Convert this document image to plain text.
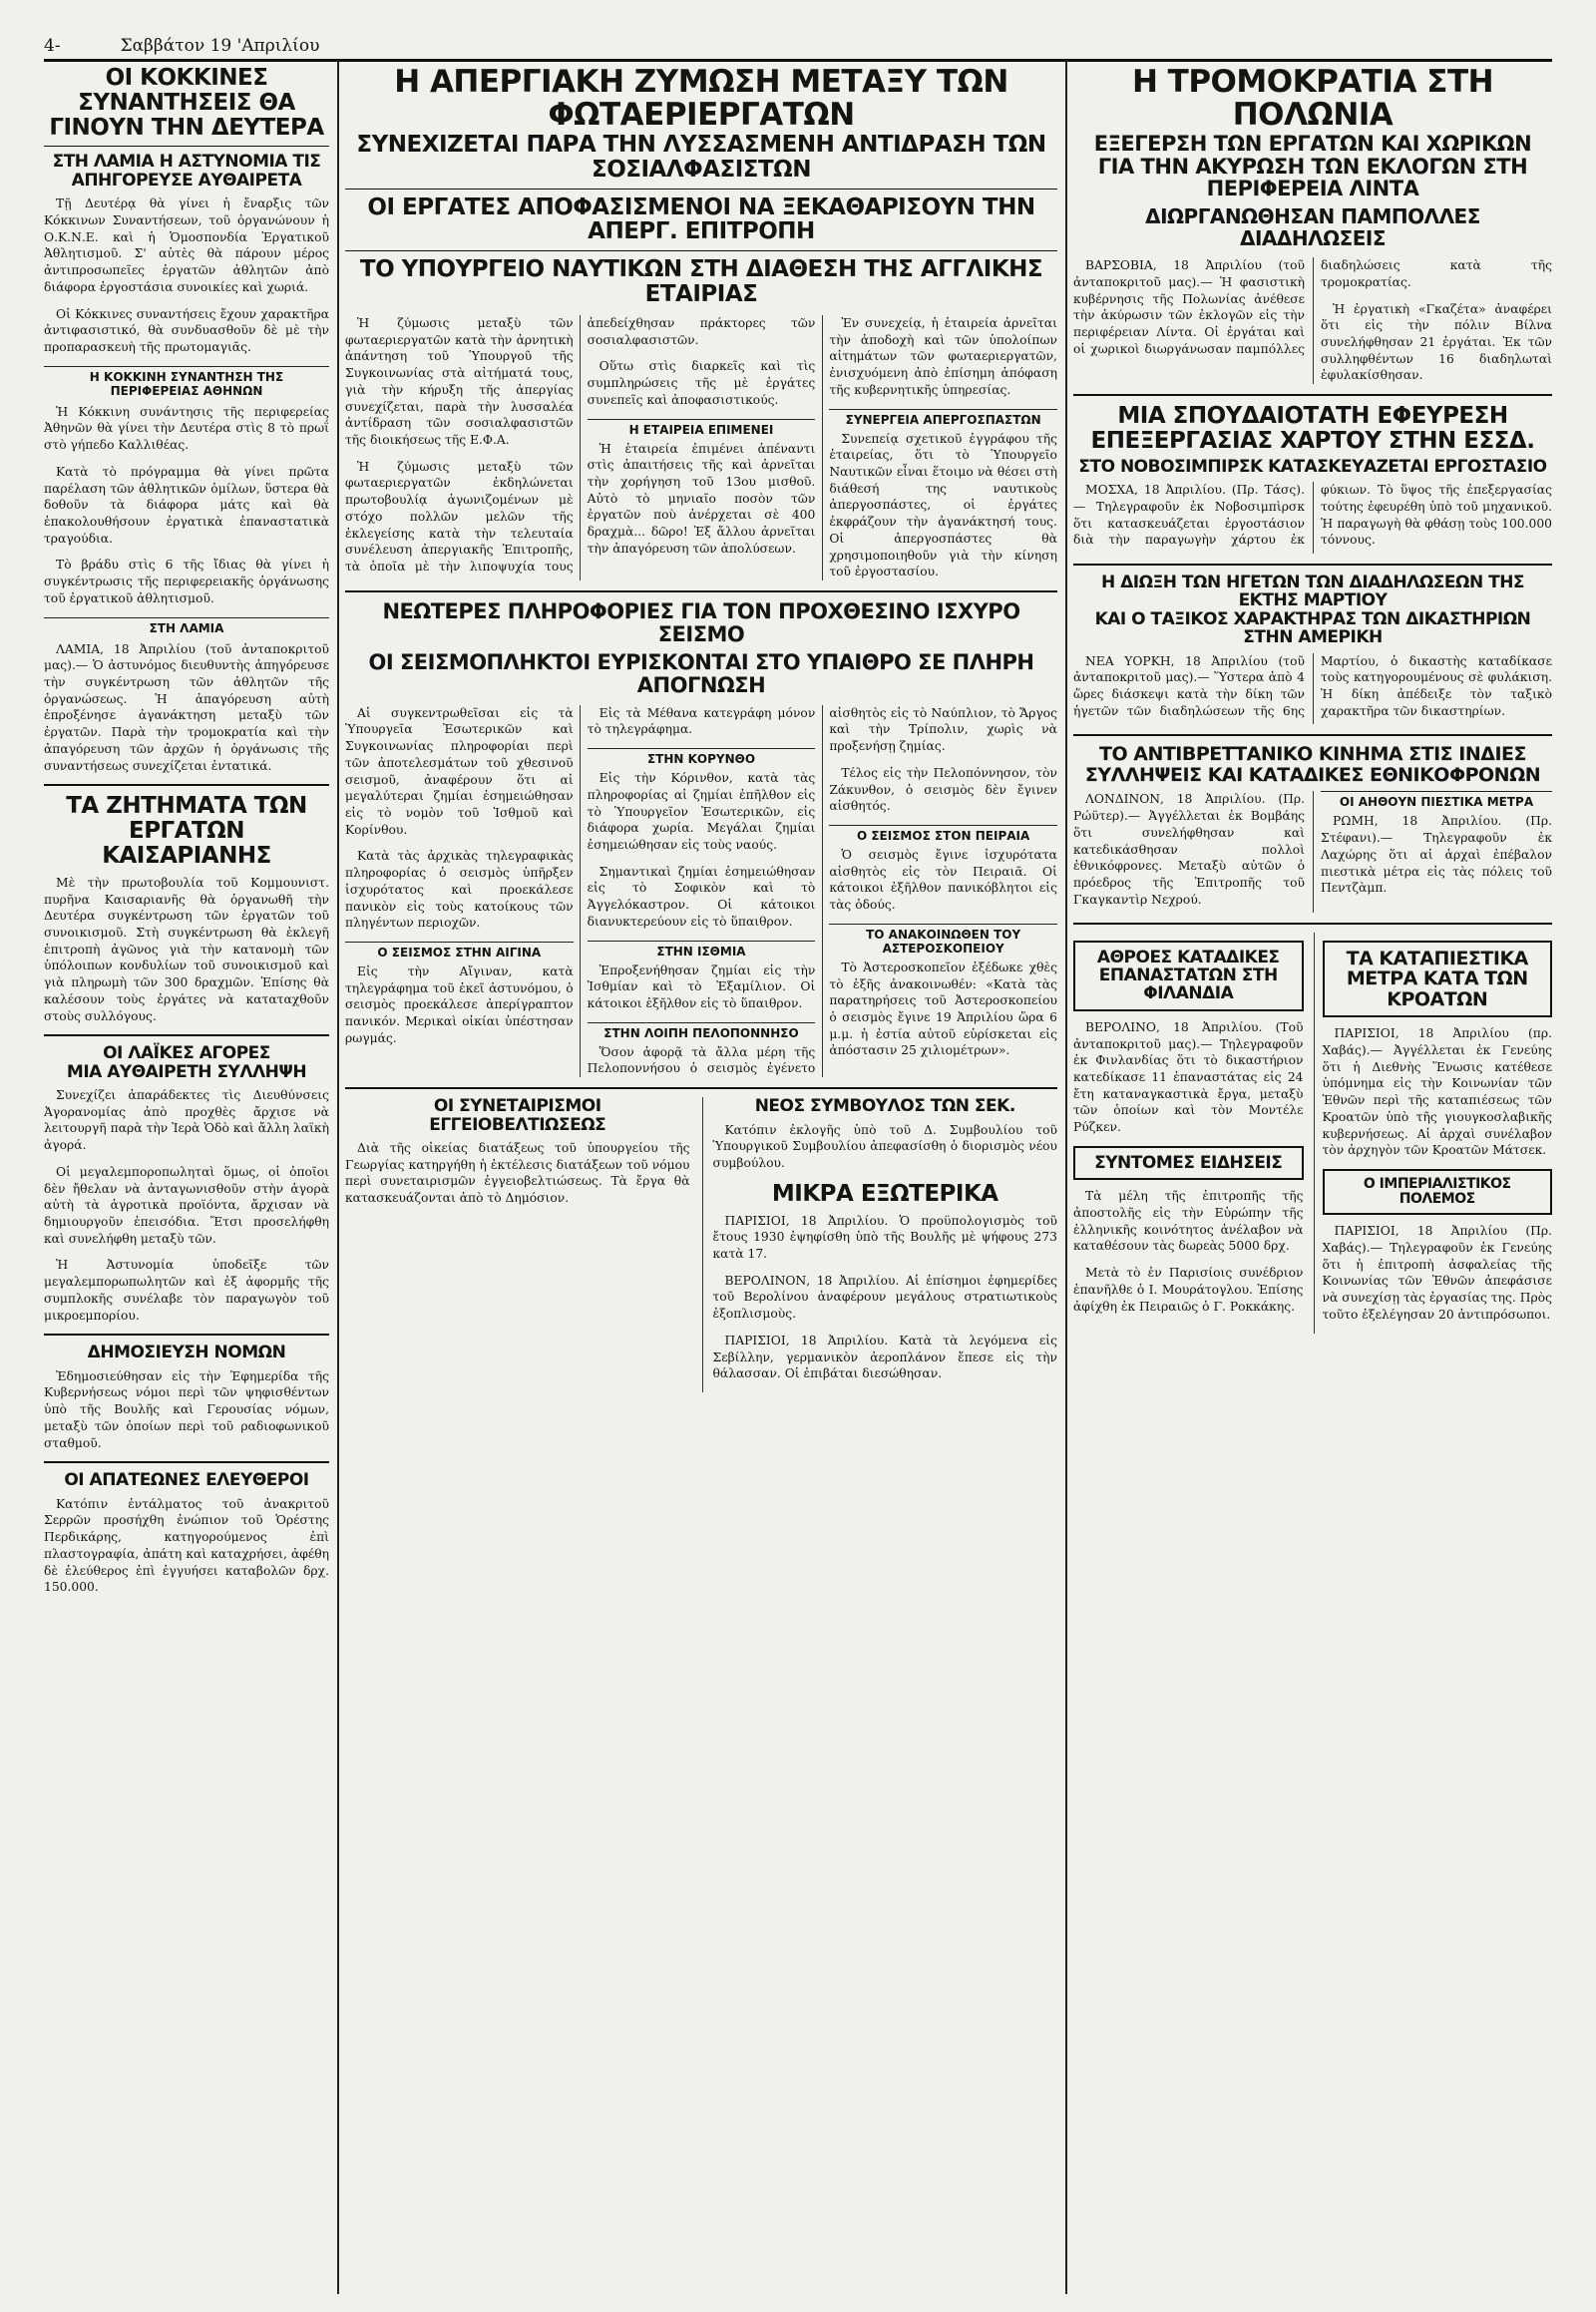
4-	Σαββάτον 19 'Απριλίου
ΟΙ ΚΟΚΚΙΝΕΣ ΣΥΝΑΝΤΗΣΕΙΣ ΘΑ ΓΙΝΟΥΝ ΤΗΝ ΔΕΥΤΕΡΑ
ΣΤΗ ΛΑΜΙΑ Η ΑΣΤΥΝΟΜΙΑ ΤΙΣ ΑΠΗΓΟΡΕΥΣΕ ΑΥΘΑΙΡΕΤΑ

Τῇ Δευτέρᾳ θὰ γίνει ἡ ἔναρξις τῶν Κόκκινων Συναντήσεων, τοῦ ὀργανώνουν ἡ Ο.Κ.Ν.Ε. καὶ ἡ Ὁμοσπονδία Ἐργατικοῦ Ἀθλητισμοῦ. Σ' αὐτὲς θὰ πάρουν μέρος ἀντιπροσωπεῖες ἐργατῶν ἀθλητῶν ἀπὸ διάφορα ἐργοστάσια συνοικίες καὶ χωριά.

Οἱ Κόκκινες συναντήσεις ἔχουν χαρακτῆρα ἀντιφασιστικό, θὰ συνδυασθοῦν δὲ μὲ τὴν προπαρασκευὴ τῆς πρωτομαγιᾶς.

Η ΚΟΚΚΙΝΗ ΣΥΝΑΝΤΗΣΗ ΤΗΣ ΠΕΡΙΦΕΡΕΙΑΣ ΑΘΗΝΩΝ

Ἡ Κόκκινη συνάντησις τῆς περιφερείας Ἀθηνῶν θὰ γίνει τὴν Δευτέρα στὶς 8 τὸ πρωΐ στὸ γήπεδο Καλλιθέας.

Κατὰ τὸ πρόγραμμα θὰ γίνει πρῶτα παρέλαση τῶν ἀθλητικῶν ὁμίλων, ὕστερα θὰ δοθοῦν τὰ διάφορα μάτς καὶ θὰ ἐπακολουθήσουν ἐργατικὰ ἐπαναστατικὰ τραγούδια.

Τὸ βράδυ στὶς 6 τῆς ἴδιας θὰ γίνει ἡ συγκέντρωσις τῆς περιφερειακῆς ὀργάνωσης τοῦ ἐργατικοῦ ἀθλητισμοῦ.

ΣΤΗ ΛΑΜΙΑ

ΛΑΜΙΑ, 18 Ἀπριλίου (τοῦ ἀνταποκριτοῦ μας).— Ὁ ἀστυνόμος διευθυντὴς ἀπηγόρευσε τὴν συγκέντρωση τῶν ἀθλητῶν τῆς ὀργανώσεως. Ἡ ἀπαγόρευση αὐτὴ ἐπροξένησε ἀγανάκτηση μεταξὺ τῶν ἐργατῶν. Παρὰ τὴν τρομοκρατία καὶ τὴν ἀπαγόρευση τῶν ἀρχῶν ἡ ὀργάνωσις τῆς συναντήσεως συνεχίζεται ἐντατικά.

ΤΑ ΖΗΤΗΜΑΤΑ ΤΩΝ ΕΡΓΑΤΩΝ ΚΑΙΣΑΡΙΑΝΗΣ

Μὲ τὴν πρωτοβουλία τοῦ Κομμουνιστ. πυρῆνα Καισαριανῆς θὰ ὀργανωθῆ τὴν Δευτέρα συγκέντρωση τῶν ἐργατῶν τοῦ συνοικισμοῦ. Στὴ συγκέντρωση θὰ ἐκλεγῆ ἐπιτροπὴ ἀγῶνος γιὰ τὴν κατανομὴ τῶν ὑπόλοιπων κονδυλίων τοῦ συνοικισμοῦ καὶ γιὰ πληρωμὴ τῶν 300 δραχμῶν. Ἐπίσης θὰ καλέσουν τοὺς ἐργάτες νὰ καταταχθοῦν στοὺς συλλόγους.

ΟΙ ΛΑΪΚΕΣ ΑΓΟΡΕΣ
ΜΙΑ ΑΥΘΑΙΡΕΤΗ ΣΥΛΛΗΨΗ

Συνεχίζει ἀπαράδεκτες τὶς Διευθύνσεις Ἀγορανομίας ἀπὸ προχθὲς ἄρχισε νὰ λειτουργῆ παρὰ τὴν Ἱερὰ Ὁδὸ καὶ ἄλλη λαϊκὴ ἀγορά.

Οἱ μεγαλεμποροπωληταὶ ὅμως, οἱ ὁποῖοι δὲν ἤθελαν νὰ ἀνταγωνισθοῦν στὴν ἀγορὰ αὐτὴ τὰ ἀγροτικὰ προϊόντα, ἄρχισαν νὰ δημιουργοῦν ἐπεισόδια. Ἔτσι προσελήφθη καὶ συνελήφθη μεταξὺ τῶν.

Ἡ Ἀστυνομία ὑποδεῖξε τῶν μεγαλεμπορωπωλητῶν καὶ ἐξ ἀφορμῆς τῆς συμπλοκῆς συνέλαβε τὸν παραγωγὸν τοῦ μικροεμπορίου.

ΔΗΜΟΣΙΕΥΣΗ ΝΟΜΩΝ

Ἐδημοσιεύθησαν εἰς τὴν Ἐφημερίδα τῆς Κυβερνήσεως νόμοι περὶ τῶν ψηφισθέντων ὑπὸ τῆς Βουλῆς καὶ Γερουσίας νόμων, μεταξὺ τῶν ὁποίων περὶ τοῦ ραδιοφωνικοῦ σταθμοῦ.

ΟΙ ΑΠΑΤΕΩΝΕΣ ΕΛΕΥΘΕΡΟΙ

Κατόπιν ἐντάλματος τοῦ ἀνακριτοῦ Σερρῶν προσήχθη ἐνώπιον τοῦ Ὁρέστης Περδικάρης, κατηγορούμενος ἐπὶ πλαστογραφία, ἀπάτη καὶ καταχρήσει, ἀφέθη δὲ ἐλεύθερος ἐπὶ ἐγγυήσει καταβολῶν δρχ. 150.000.

Η ΑΠΕΡΓΙΑΚΗ ΖΥΜΩΣΗ ΜΕΤΑΞΥ ΤΩΝ ΦΩΤΑΕΡΙΕΡΓΑΤΩΝ
ΣΥΝΕΧΙΖΕΤΑΙ ΠΑΡΑ ΤΗΝ ΛΥΣΣΑΣΜΕΝΗ ΑΝΤΙΔΡΑΣΗ ΤΩΝ ΣΟΣΙΑΛΦΑΣΙΣΤΩΝ
ΟΙ ΕΡΓΑΤΕΣ ΑΠΟΦΑΣΙΣΜΕΝΟΙ ΝΑ ΞΕΚΑΘΑΡΙΣΟΥΝ ΤΗΝ ΑΠΕΡΓ. ΕΠΙΤΡΟΠΗ
ΤΟ ΥΠΟΥΡΓΕΙΟ ΝΑΥΤΙΚΩΝ ΣΤΗ ΔΙΑΘΕΣΗ ΤΗΣ ΑΓΓΛΙΚΗΣ ΕΤΑΙΡΙΑΣ

Ἡ ζύμωσις μεταξὺ τῶν φωταεριεργατῶν κατὰ τὴν ἀρνητικὴ ἀπάντηση τοῦ Ὑπουργοῦ τῆς Συγκοινωνίας στὰ αἰτήματά τους, γιὰ τὴν κήρυξη τῆς ἀπεργίας συνεχίζεται, παρὰ τὴν λυσσαλέα ἀντίδραση τῶν σοσιαλφασιστῶν τῆς διοικήσεως τῆς Ε.Φ.Α.

Ἡ ζύμωσις μεταξὺ τῶν φωταεριεργατῶν ἐκδηλώνεται πρωτοβουλίᾳ ἀγωνιζομένων μὲ στόχο πολλῶν μελῶν τῆς ἐκλεγείσης κατὰ τὴν τελευταία συνέλευση ἀπεργιακῆς Ἐπιτροπῆς, τὰ ὁποῖα μὲ τὴν λιποψυχία τους ἀπεδείχθησαν πράκτορες τῶν σοσιαλφασιστῶν.

Οὕτω στὶς διαρκεῖς καὶ τὶς συμπληρώσεις τῆς μὲ ἐργάτες συνεπεῖς καὶ ἀποφασιστικούς.

Η ΕΤΑΙΡΕΙΑ ΕΠΙΜΕΝΕΙ

Ἡ ἑταιρεία ἐπιμένει ἀπέναντι στὶς ἀπαιτήσεις τῆς καὶ ἀρνεῖται τὴν χορήγηση τοῦ 13ου μισθοῦ. Αὐτὸ τὸ μηνιαῖο ποσὸν τῶν ἐργατῶν ποὺ ἀνέρχεται σὲ 400 δραχμὰ... δῶρο! Ἐξ ἄλλου ἀρνεῖται τὴν ἀπαγόρευση τῶν ἀπολύσεων.

Ἐν συνεχείᾳ, ἡ ἑταιρεία ἀρνεῖται τὴν ἀποδοχὴ καὶ τῶν ὑπολοίπων αἰτημάτων τῶν φωταεριεργατῶν, ἐνισχυόμενη ἀπὸ ἐπίσημη ἀπόφαση τῆς κυβερνητικῆς ὑπηρεσίας.

ΣΥΝΕΡΓΕΙΑ ΑΠΕΡΓΟΣΠΑΣΤΩΝ

Συνεπείᾳ σχετικοῦ ἐγγράφου τῆς ἑταιρείας, ὅτι τὸ Ὑπουργεῖο Ναυτικῶν εἶναι ἕτοιμο νὰ θέσει στὴ διάθεσή της ναυτικοὺς ἀπεργοσπάστες, οἱ ἐργάτες ἐκφράζουν τὴν ἀγανάκτησή τους. Οἱ ἀπεργοσπάστες θὰ χρησιμοποιηθοῦν γιὰ τὴν κίνηση τοῦ ἐργοστασίου.

ΝΕΩΤΕΡΕΣ ΠΛΗΡΟΦΟΡΙΕΣ ΓΙΑ ΤΟΝ ΠΡΟΧΘΕΣΙΝΟ ΙΣΧΥΡΟ ΣΕΙΣΜΟ
ΟΙ ΣΕΙΣΜΟΠΛΗΚΤΟΙ ΕΥΡΙΣΚΟΝΤΑΙ ΣΤΟ ΥΠΑΙΘΡΟ ΣΕ ΠΛΗΡΗ ΑΠΟΓΝΩΣΗ

Αἱ συγκεντρωθεῖσαι εἰς τὰ Ὑπουργεῖα Ἐσωτερικῶν καὶ Συγκοινωνίας πληροφορίαι περὶ τῶν ἀποτελεσμάτων τοῦ χθεσινοῦ σεισμοῦ, ἀναφέρουν ὅτι αἱ μεγαλύτεραι ζημίαι ἐσημειώθησαν εἰς τὸ νομὸν τοῦ Ἰσθμοῦ καὶ Κορίνθου.

Κατὰ τὰς ἀρχικὰς τηλεγραφικὰς πληροφορίας ὁ σεισμὸς ὑπῆρξεν ἰσχυρότατος καὶ προεκάλεσε πανικὸν εἰς τοὺς κατοίκους τῶν πληγέντων περιοχῶν.

Ο ΣΕΙΣΜΟΣ ΣΤΗΝ ΑΙΓΙΝΑ

Εἰς τὴν Αἴγιναν, κατὰ τηλεγράφημα τοῦ ἐκεῖ ἀστυνόμου, ὁ σεισμὸς προεκάλεσε ἀπερίγραπτον πανικόν. Μερικαὶ οἰκίαι ὑπέστησαν ρωγμάς.

Εἰς τὰ Μέθανα κατεγράφη μόνον τὸ τηλεγράφημα.

ΣΤΗΝ ΚΟΡΥΝΘΟ

Εἰς τὴν Κόρινθον, κατὰ τὰς πληροφορίας αἱ ζημίαι ἐπῆλθον εἰς τὸ Ὑπουργεῖον Ἐσωτερικῶν, εἰς διάφορα χωρία. Μεγάλαι ζημίαι ἐσημειώθησαν εἰς τοὺς ναούς.

Σημαντικαὶ ζημίαι ἐσημειώθησαν εἰς τὸ Σοφικὸν καὶ τὸ Ἀγγελόκαστρον. Οἱ κάτοικοι διανυκτερεύουν εἰς τὸ ὕπαιθρον.

ΣΤΗΝ ΙΣΘΜΙΑ

Ἐπροξενήθησαν ζημίαι εἰς τὴν Ἰσθμίαν καὶ τὸ Ἐξαμίλιον. Οἱ κάτοικοι ἐξῆλθον εἰς τὸ ὕπαιθρον.

ΣΤΗΝ ΛΟΙΠΗ ΠΕΛΟΠΟΝΝΗΣΟ

Ὅσον ἀφορᾷ τὰ ἄλλα μέρη τῆς Πελοποννήσου ὁ σεισμὸς ἐγένετο αἰσθητὸς εἰς τὸ Ναύπλιον, τὸ Ἄργος καὶ τὴν Τρίπολιν, χωρὶς νὰ προξενήσῃ ζημίας.

Τέλος εἰς τὴν Πελοπόννησον, τὸν Ζάκυνθον, ὁ σεισμὸς δὲν ἔγινεν αἰσθητός.

Ο ΣΕΙΣΜΟΣ ΣΤΟΝ ΠΕΙΡΑΙΑ

Ὁ σεισμὸς ἔγινε ἰσχυρότατα αἰσθητὸς εἰς τὸν Πειραιᾶ. Οἱ κάτοικοι ἐξῆλθον πανικόβλητοι εἰς τὰς ὁδούς.

ΤΟ ΑΝΑΚΟΙΝΩΘΕΝ ΤΟΥ ΑΣΤΕΡΟΣΚΟΠΕΙΟΥ

Τὸ Ἀστεροσκοπεῖον ἐξέδωκε χθὲς τὸ ἑξῆς ἀνακοινωθέν: «Κατὰ τὰς παρατηρήσεις τοῦ Ἀστεροσκοπείου ὁ σεισμὸς ἔγινε 19 Ἀπριλίου ὥρα 6 μ.μ. ἡ ἐστία αὐτοῦ εὑρίσκεται εἰς ἀπόστασιν 25 χιλιομέτρων».

ΟΙ ΣΥΝΕΤΑΙΡΙΣΜΟΙ ΕΓΓΕΙΟΒΕΛΤΙΩΣΕΩΣ

Διὰ τῆς οἰκείας διατάξεως τοῦ ὑπουργείου τῆς Γεωργίας κατηργήθη ἡ ἐκτέλεσις διατάξεων τοῦ νόμου περὶ συνεταιρισμῶν ἐγγειοβελτιώσεως. Τὰ ἔργα θὰ κατασκευάζονται ἀπὸ τὸ Δημόσιον.

ΝΕΟΣ ΣΥΜΒΟΥΛΟΣ ΤΩΝ ΣΕΚ.

Κατόπιν ἐκλογῆς ὑπὸ τοῦ Δ. Συμβουλίου τοῦ Ὑπουργικοῦ Συμβουλίου ἀπεφασίσθη ὁ διορισμὸς νέου συμβούλου.

ΜΙΚΡΑ ΕΞΩΤΕΡΙΚΑ

ΠΑΡΙΣΙΟΙ, 18 Ἀπριλίου. Ὁ προϋπολογισμὸς τοῦ ἔτους 1930 ἐψηφίσθη ὑπὸ τῆς Βουλῆς μὲ ψήφους 273 κατὰ 17.

ΒΕΡΟΛΙΝΟΝ, 18 Ἀπριλίου. Αἱ ἐπίσημοι ἐφημερίδες τοῦ Βερολίνου ἀναφέρουν μεγάλους στρατιωτικοὺς ἐξοπλισμοὺς.

ΠΑΡΙΣΙΟΙ, 18 Ἀπριλίου. Κατὰ τὰ λεγόμενα εἰς Σεβίλλην, γερμανικὸν ἀεροπλάνον ἔπεσε εἰς τὴν θάλασσαν. Οἱ ἐπιβάται διεσώθησαν.

Η ΤΡΟΜΟΚΡΑΤΙΑ ΣΤΗ ΠΟΛΩΝΙΑ
ΕΞΕΓΕΡΣΗ ΤΩΝ ΕΡΓΑΤΩΝ ΚΑΙ ΧΩΡΙΚΩΝ ΓΙΑ ΤΗΝ ΑΚΥΡΩΣΗ ΤΩΝ ΕΚΛΟΓΩΝ ΣΤΗ ΠΕΡΙΦΕΡΕΙΑ ΛΙΝΤΑ
ΔΙΩΡΓΑΝΩΘΗΣΑΝ ΠΑΜΠΟΛΛΕΣ ΔΙΑΔΗΛΩΣΕΙΣ

ΒΑΡΣΟΒΙΑ, 18 Ἀπριλίου (τοῦ ἀνταποκριτοῦ μας).— Ἡ φασιστικὴ κυβέρνησις τῆς Πολωνίας ἀνέθεσε τὴν ἀκύρωσιν τῶν ἐκλογῶν εἰς τὴν περιφέρειαν Λίντα. Οἱ ἐργάται καὶ οἱ χωρικοὶ διωργάνωσαν παμπόλλες διαδηλώσεις κατὰ τῆς τρομοκρατίας.

Ἡ ἐργατικὴ «Γκαζέτα» ἀναφέρει ὅτι εἰς τὴν πόλιν Βίλνα συνελήφθησαν 21 ἐργάται. Ἐκ τῶν συλληφθέντων 16 διαδηλωταὶ ἐφυλακίσθησαν.

ΜΙΑ ΣΠΟΥΔΑΙΟΤΑΤΗ ΕΦΕΥΡΕΣΗ ΕΠΕΞΕΡΓΑΣΙΑΣ ΧΑΡΤΟΥ ΣΤΗΝ ΕΣΣΔ.
ΣΤΟ ΝΟΒΟΣΙΜΠΙΡΣΚ ΚΑΤΑΣΚΕΥΑΖΕΤΑΙ ΕΡΓΟΣΤΑΣΙΟ

ΜΟΣΧΑ, 18 Ἀπριλίου. (Πρ. Τάσς).— Τηλεγραφοῦν ἐκ Νοβοσιμπὶρσκ ὅτι κατασκευάζεται ἐργοστάσιον διὰ τὴν παραγωγὴν χάρτου ἐκ φύκιων. Τὸ ὕψος τῆς ἐπεξεργασίας τούτης ἐφευρέθη ὑπὸ τοῦ μηχανικοῦ. Ἡ παραγωγὴ θὰ φθάσῃ τοὺς 100.000 τόννους.

Η ΔΙΩΞΗ ΤΩΝ ΗΓΕΤΩΝ ΤΩΝ ΔΙΑΔΗΛΩΣΕΩΝ ΤΗΣ ΕΚΤΗΣ ΜΑΡΤΙΟΥ
ΚΑΙ Ο ΤΑΞΙΚΟΣ ΧΑΡΑΚΤΗΡΑΣ ΤΩΝ ΔΙΚΑΣΤΗΡΙΩΝ ΣΤΗΝ ΑΜΕΡΙΚΗ

ΝΕΑ ΥΟΡΚΗ, 18 Ἀπριλίου (τοῦ ἀνταποκριτοῦ μας).— Ὕστερα ἀπὸ 4 ὥρες διάσκεψι κατὰ τὴν δίκη τῶν ἡγετῶν τῶν διαδηλώσεων τῆς 6ης Μαρτίου, ὁ δικαστὴς καταδίκασε τοὺς κατηγορουμένους σὲ φυλάκιση. Ἡ δίκη ἀπέδειξε τὸν ταξικὸ χαρακτῆρα τῶν δικαστηρίων.

ΤΟ ΑΝΤΙΒΡΕΤΤΑΝΙΚΟ ΚΙΝΗΜΑ ΣΤΙΣ ΙΝΔΙΕΣ
ΣΥΛΛΗΨΕΙΣ ΚΑΙ ΚΑΤΑΔΙΚΕΣ ΕΘΝΙΚΟΦΡΟΝΩΝ

ΛΟΝΔΙΝΟΝ, 18 Ἀπριλίου. (Πρ. Ρώϋτερ).— Ἀγγέλλεται ἐκ Βομβάης ὅτι συνελήφθησαν καὶ κατεδικάσθησαν πολλοὶ ἐθνικόφρονες. Μεταξὺ αὐτῶν ὁ πρόεδρος τῆς Ἐπιτροπῆς τοῦ Γκαγκαντὶρ Νεχρού.

ΟΙ ΑΗΘΟΥΝ ΠΙΕΣΤΙΚΑ ΜΕΤΡΑ

ΡΩΜΗ, 18 Ἀπριλίου. (Πρ. Στέφανι).— Τηλεγραφοῦν ἐκ Λαχώρης ὅτι αἱ ἀρχαὶ ἐπέβαλον πιεστικὰ μέτρα εἰς τὰς πόλεις τοῦ Πεντζὰμπ.

ΑΘΡΟΕΣ ΚΑΤΑΔΙΚΕΣ ΕΠΑΝΑΣΤΑΤΩΝ ΣΤΗ ΦΙΛΑΝΔΙΑ

ΒΕΡΟΛΙΝΟ, 18 Ἀπριλίου. (Τοῦ ἀνταποκριτοῦ μας).— Τηλεγραφοῦν ἐκ Φινλανδίας ὅτι τὸ δικαστήριον κατεδίκασε 11 ἐπαναστάτας εἰς 24 ἔτη καταναγκαστικὰ ἔργα, μεταξὺ τῶν ὁποίων καὶ τὸν Μοντέλε Ρύζκεν.

ΣΥΝΤΟΜΕΣ ΕΙΔΗΣΕΙΣ

Τὰ μέλη τῆς ἐπιτροπῆς τῆς ἀποστολῆς εἰς τὴν Εὐρώπην τῆς ἐλληνικῆς κοινότητος ἀνέλαβον νὰ καταθέσουν τὰς δωρεὰς 5000 δρχ.

Μετὰ τὸ ἐν Παρισίοις συνέδριον ἐπανῆλθε ὁ Ι. Μουράτογλου. Ἐπίσης ἀφίχθη ἐκ Πειραιῶς ὁ Γ. Ροκκάκης.

ΤΑ ΚΑΤΑΠΙΕΣΤΙΚΑ ΜΕΤΡΑ ΚΑΤΑ ΤΩΝ ΚΡΟΑΤΩΝ

ΠΑΡΙΣΙΟΙ, 18 Ἀπριλίου (πρ. Χαβάς).— Ἀγγέλλεται ἐκ Γενεύης ὅτι ἡ Διεθνὴς Ἕνωσις κατέθεσε ὑπόμνημα εἰς τὴν Κοινωνίαν τῶν Ἐθνῶν περὶ τῆς καταπιέσεως τῶν Κροατῶν ὑπὸ τῆς γιουγκοσλαβικῆς κυβερνήσεως. Αἱ ἀρχαὶ συνέλαβον τὸν ἀρχηγὸν τῶν Κροατῶν Μάτσεκ.

Ο ΙΜΠΕΡΙΑΛΙΣΤΙΚΟΣ ΠΟΛΕΜΟΣ

ΠΑΡΙΣΙΟΙ, 18 Ἀπριλίου (Πρ. Χαβάς).— Τηλεγραφοῦν ἐκ Γενεύης ὅτι ἡ ἐπιτροπὴ ἀσφαλείας τῆς Κοινωνίας τῶν Ἐθνῶν ἀπεφάσισε νὰ συνεχίσῃ τὰς ἐργασίας της. Πρὸς τοῦτο ἐξελέγησαν 20 ἀντιπρόσωποι.
